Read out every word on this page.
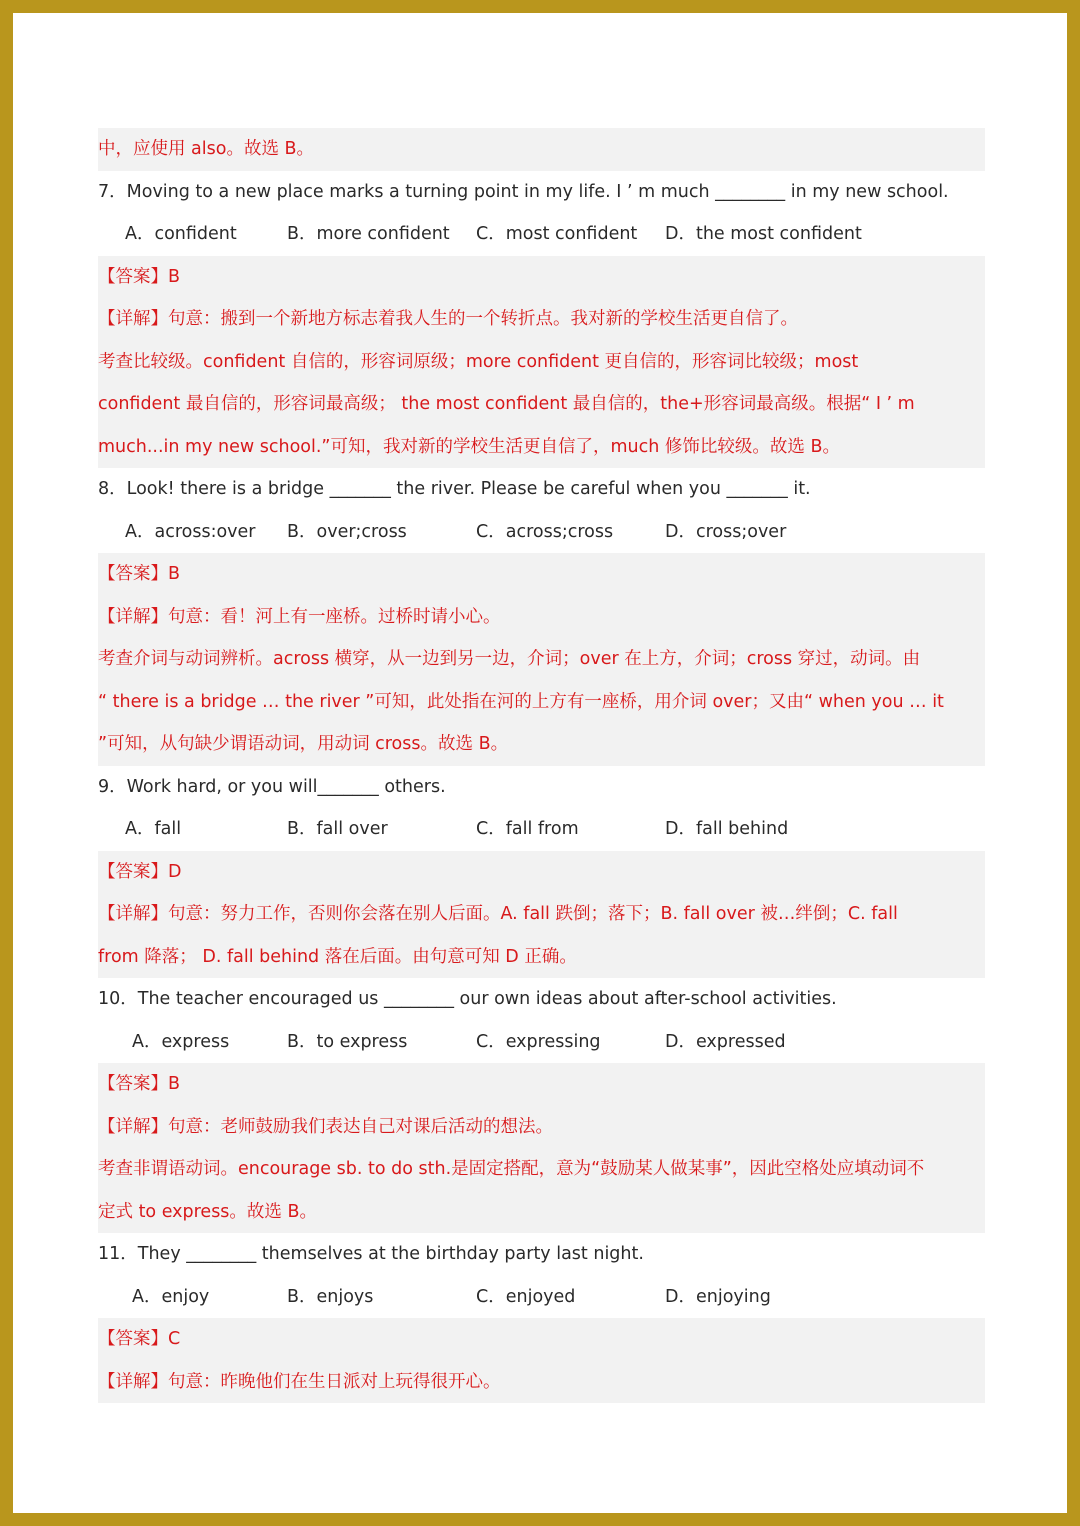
中，应使用 also。故选 B。
7．Moving to a new place marks a turning point in my life. I ’ m much ________ in my new school.
A．confident	B．more confident	C．most confident	D．the most confident
【答案】B
【详解】句意：搬到一个新地方标志着我人生的一个转折点。我对新的学校生活更自信了。
考查比较级。confident 自信的，形容词原级；more confident 更自信的，形容词比较级；most
confident 最自信的，形容词最高级； the most confident 最自信的，the+形容词最高级。根据“ I ’ m
much...in my new school.”可知，我对新的学校生活更自信了，much 修饰比较级。故选 B。
8．Look! there is a bridge _______ the river. Please be careful when you _______ it.
A．across:over	B．over;cross	C．across;cross	D．cross;over
【答案】B
【详解】句意：看！河上有一座桥。过桥时请小心。
考查介词与动词辨析。across 横穿，从一边到另一边，介词；over 在上方，介词；cross 穿过，动词。由
“ there is a bridge … the river ”可知，此处指在河的上方有一座桥，用介词 over；又由“ when you … it
”可知，从句缺少谓语动词，用动词 cross。故选 B。
9．Work hard, or you will_______ others.
A．fall	B．fall over	C．fall from	D．fall behind
【答案】D
【详解】句意：努力工作，否则你会落在别人后面。A. fall 跌倒；落下；B. fall over 被…绊倒；C. fall
from 降落； D. fall behind 落在后面。由句意可知 D 正确。
10．The teacher encouraged us ________ our own ideas about after-school activities.
A．express	B．to express	C．expressing	D．expressed
【答案】B
【详解】句意：老师鼓励我们表达自己对课后活动的想法。
考查非谓语动词。encourage sb. to do sth.是固定搭配，意为“鼓励某人做某事”，因此空格处应填动词不
定式 to express。故选 B。
11．They ________ themselves at the birthday party last night.
A．enjoy	B．enjoys	C．enjoyed	D．enjoying
【答案】C
【详解】句意：昨晚他们在生日派对上玩得很开心。
